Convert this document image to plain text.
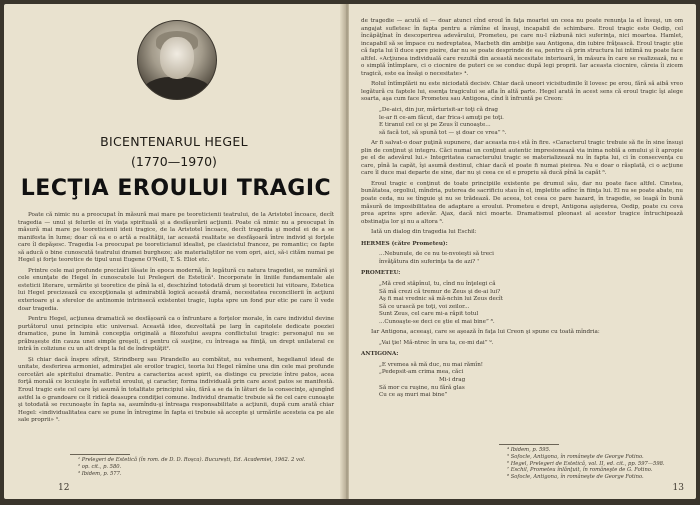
BICENTENARUL HEGEL
(1770—1970)
LECŢIA EROULUI TRAGIC

Poate că nimic nu a preocupat în măsură mai mare pe teoreticienii teatrului, de la Aristotel încoace, decît tragedia — unul și felurile ei în viaţa spirituală și a desfășurării acţiunii. Poate că nimic nu a preocupat în măsură mai mare pe teoreticienii ideii tragice, de la Aristotel încoace, decît tragedia şi modul ei de a se manifesta în lume; doar că ea e o artă a realităţii, iar această realitate se desfăşoară între individ şi forţele care îl depăşesc. Tragedia l-a preocupat pe teoreticianul idealist, pe clasicistul francez, pe romantic; ce fapte să aducă o bine cunoscută teatrului dramei burgheze; ale materialiştilor ne vom opri, aici, să-i cităm numai pe Hegel şi forţe teoretice de tipul unui Eugene O'Neill, T. S. Eliot etc.

Printre cele mai profunde precizări lăsate în epoca modernă, în legătură cu natura tragediei, se numără și cele enunţate de Hegel în cunoscutele lui Prelegeri de Estetică¹. Incorporate în liniile fundamentale ale esteticii literare, urmărite şi teoretice de pînă la el, deschizînd totodată drum şi teoreticii lui viitoare, Estetica lui Hegel precizează cu excepţionala şi admirabilă logică această dramă, necesitatea reconcilierii în acţiuni exterioare şi a sferelor de antinomie intrinsecă existentei tragic, lupta spre un fond pur etic pe care îl vede doar tragedia.

Pentru Hegel, acţiunea dramatică se desfășoară ca o înfruntare a forțelor morale, în care individul devine purtătorul unui principiu etic universal. Această idee, dezvoltată pe larg în capitolele dedicate poeziei dramatice, pune în lumină concepţia originală a filozofului asupra conflictului tragic: personajul nu se prăbușește din cauza unei simple greşeli, ci pentru că susţine, cu întreaga sa fiinţă, un drept unilateral ce intră în coliziune cu un alt drept la fel de îndreptăţit².

Și chiar dacă înspre sfîrșit, Strindberg sau Pirandello au combătut, nu vehement, hegelianul ideal de unitate, desferirea armoniei, admiraţiei ale eroilor tragici, teoria lui Hegel rămîne una din cele mai profunde cercetări ale spiritului dramatic. Pentru a caracteriza acest spirit, ea distinge cu precizie între patos, acea forţă morală ce locuieşte în sufletul eroului, şi caracter, forma individuală prin care acest patos se manifestă. Eroul tragic este cel care îşi asumă în totalitate principiul său, fără a se da în lături de la consecinţe, ajungînd astfel la o grandoare ce îl ridică deasupra condiţiei comune. Individul dramatic trebuie să fie cel care cunoaşte şi totodată se recunoaşte în fapta sa, asumîndu-şi întreaga responsabilitate a acţiunii, după cum arată chiar Hegel: «individualitatea care se pune în întregime în fapta ei trebuie să accepte şi urmările acesteia ca pe ale sale proprii» ³.

¹ Prelegeri de Estetică (în rom. de D. D. Roșca). București, Ed. Academiei, 1962. 2 vol.
² op. cit., p. 580.
³ Ibidem, p. 577.
12

de tragedie — acută el — doar atunci cînd eroul în faţa moartei un ceea nu poate renunţa la el însuşi, un om angajat sufletesc în fapta pentru a rămîne el însuşi, incapabil de schimbare. Eroul tragic este Oedip, cel încăpăţînat în descoperirea adevărului, Prometeu, pe care nu-l răzbună nici suferinţa, nici moartea. Hamlet, incapabil să se împace cu nedreptatea, Macbeth din ambiţie sau Antigona, din iubire frăţească. Eroul tragic ştie că fapta lui îl duce spre pieire, dar nu se poate desprinde de ea, pentru că prin structura lui intimă nu poate face altfel. «Acţiunea individuală care rezultă din această necesitate interioară, în măsura în care se realizează, nu e o simplă întîmplare, ci o ciocnire de puteri ce se conduc după legi proprii. Iar aceasta ciocnire, căreia îi zicem tragică, este ea însăşi o necesitate» ⁴.

Rolul întîmplării nu este niciodată decisiv. Chiar dacă uneori vicisitudinile îl lovesc pe erou, fără să aibă vreo legătură cu faptele lui, esenţa tragicului se afla în altă parte. Hegel arată în acest sens că eroul tragic îşi alege soarta, aşa cum face Prometeu sau Antigona, cînd îi înfruntă pe Creon:

„De-aici, din jur, mărturisit-ar toţi că drag
le-ar fi ce-am făcut, dar frica-i amuţi pe toţi.
E tiranul cel ce şi pe Zeus îl cunoaşte...
să facă tot, să spună tot — şi doar ce vrea” ⁵.

Ar fi salvat-o doar puţină supunere, dar aceasta nu-i stă în fire. «Caracterul tragic trebuie să fie în sine însuşi plin de conţinut şi integru. Căci numai un conţinut autentic impresionează via inima noblă a omului şi îi apropie pe el de adevărul lui.» Integritatea caracterului tragic se materializează nu în fapta lui, ci în consecvenţa cu care, pînă la capăt, îşi asumă destinul, chiar dacă el poate fi numai pieirea. Nu e doar o răsplată, ci o acţiune care îl duce mai departe de sine, dar nu şi ceea ce el e propriu să ducă pînă la capăt ⁶.

Eroul tragic e conţinut de toate principiile existente pe drumul său, dar nu poate face altfel. Cinstea, bunătatea, orgoliul, mîndria, puterea de sacrificiu stau în el, impletite adînc în fiinţa lui. El nu se poate abate, nu poate ceda, nu se tînguie şi nu se trădează. De aceea, tot ceea ce pare hazard, în tragedie, se leagă în bună măsură de imposibilitatea de adaptare a eroului. Prometeu e drept, Antigona aşişderea, Oedip, poate cu ceva prea aprins spre adevăr. Ajax, dacă nici moarte. Dramatismul pleonast al acestor tragice întruchipează obstinaţia lor şi nu a altora ⁶.

Iată un dialog din tragedia lui Eschil:

HERMES (către Prometeu):
...Nebunule, de ce nu te-nvoieşti să treci
învăţătura din suferinţa ta de azi? ⁷
PROMETEU:
„Mă cred stăpînul, tu, cînd nu înţelegi că
Să mă crezi că tremur de Zeus şi de-ai lui?
Aş fi mai vrednic să mă-nchin lui Zeus decît
Să ce urască pe toţi, voi zeilor...
Sunt Zeus, cel care mi-a răpit totul
...Cunoaşte-se deci ce ştie el mai bine” ⁸.

Iar Antigona, aceeaşi, care se aşează în faţa lui Creon şi spune cu toată mîndria:

„Vai ţie! Mă-ntrec în ura ta, ce-mi dai” ⁹.
ANTIGONA:
„E vremea să mă duc, nu mai rămîn!
„Pedepsit-am crima mea, căci
Mi-i drag
Să mor cu ruşine, nu fără glas
Cu ce aş muri mai bine”
⁴ Ibidem, p. 595.
⁵ Sofocle, Antigona, în româneşte de George Fotino.
⁶ Hegel, Prelegeri de Estetică, vol. II, ed. cit., pp. 597—598.
⁷ Eschil, Prometeu înlănţuit, în româneşte de G. Fotino.
⁸ Sofocle, Antigona, în româneşte de George Fotino.
13
